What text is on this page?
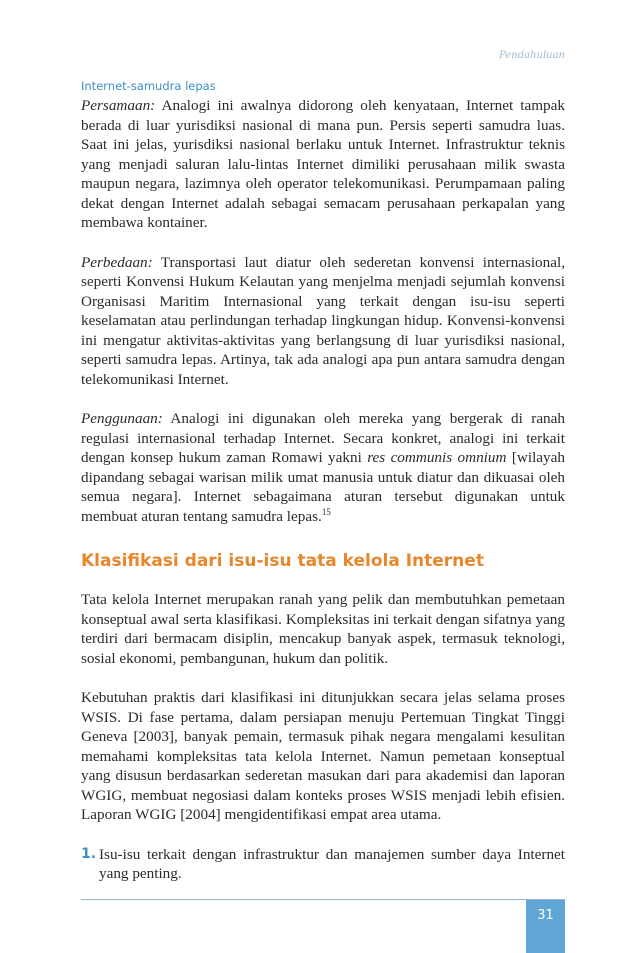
Pendahuluan
Internet-samudra lepas

Persamaan: Analogi ini awalnya didorong oleh kenyataan, Internet tampak berada di luar yurisdiksi nasional di mana pun. Persis seperti samudra luas. Saat ini jelas, yurisdiksi nasional berlaku untuk Internet. Infrastruktur teknis yang menjadi saluran lalu-lintas Internet dimiliki perusahaan milik swasta maupun negara, lazimnya oleh operator telekomunikasi. Perumpamaan paling dekat dengan Internet adalah sebagai semacam perusahaan perkapalan yang membawa kontainer.

Perbedaan: Transportasi laut diatur oleh sederetan konvensi internasional, seperti Konvensi Hukum Kelautan yang menjelma menjadi sejumlah konvensi Organisasi Maritim Internasional yang terkait dengan isu-isu seperti keselamatan atau perlindungan terhadap lingkungan hidup. Konvensi-konvensi ini mengatur aktivitas-aktivitas yang berlangsung di luar yurisdiksi nasional, seperti samudra lepas. Artinya, tak ada analogi apa pun antara samudra dengan telekomunikasi Internet.

Penggunaan: Analogi ini digunakan oleh mereka yang bergerak di ranah regulasi internasional terhadap Internet. Secara konkret, analogi ini terkait dengan konsep hukum zaman Romawi yakni res communis omnium [wilayah dipandang sebagai warisan milik umat manusia untuk diatur dan dikuasai oleh semua negara]. Internet sebagaimana aturan tersebut digunakan untuk membuat aturan tentang samudra lepas.$^{15}$

Klasifikasi dari isu-isu tata kelola Internet

Tata kelola Internet merupakan ranah yang pelik dan membutuhkan pemetaan konseptual awal serta klasifikasi. Kompleksitas ini terkait dengan sifatnya yang terdiri dari bermacam disiplin, mencakup banyak aspek, termasuk teknologi, sosial ekonomi, pembangunan, hukum dan politik.

Kebutuhan praktis dari klasifikasi ini ditunjukkan secara jelas selama proses WSIS. Di fase pertama, dalam persiapan menuju Pertemuan Tingkat Tinggi Geneva [2003], banyak pemain, termasuk pihak negara mengalami kesulitan memahami kompleksitas tata kelola Internet. Namun pemetaan konseptual yang disusun berdasarkan sederetan masukan dari para akademisi dan laporan WGIG, membuat negosiasi dalam konteks proses WSIS menjadi lebih efisien. Laporan WGIG [2004] mengidentifikasi empat area utama.

1. Isu-isu terkait dengan infrastruktur dan manajemen sumber daya Internet yang penting.
31
